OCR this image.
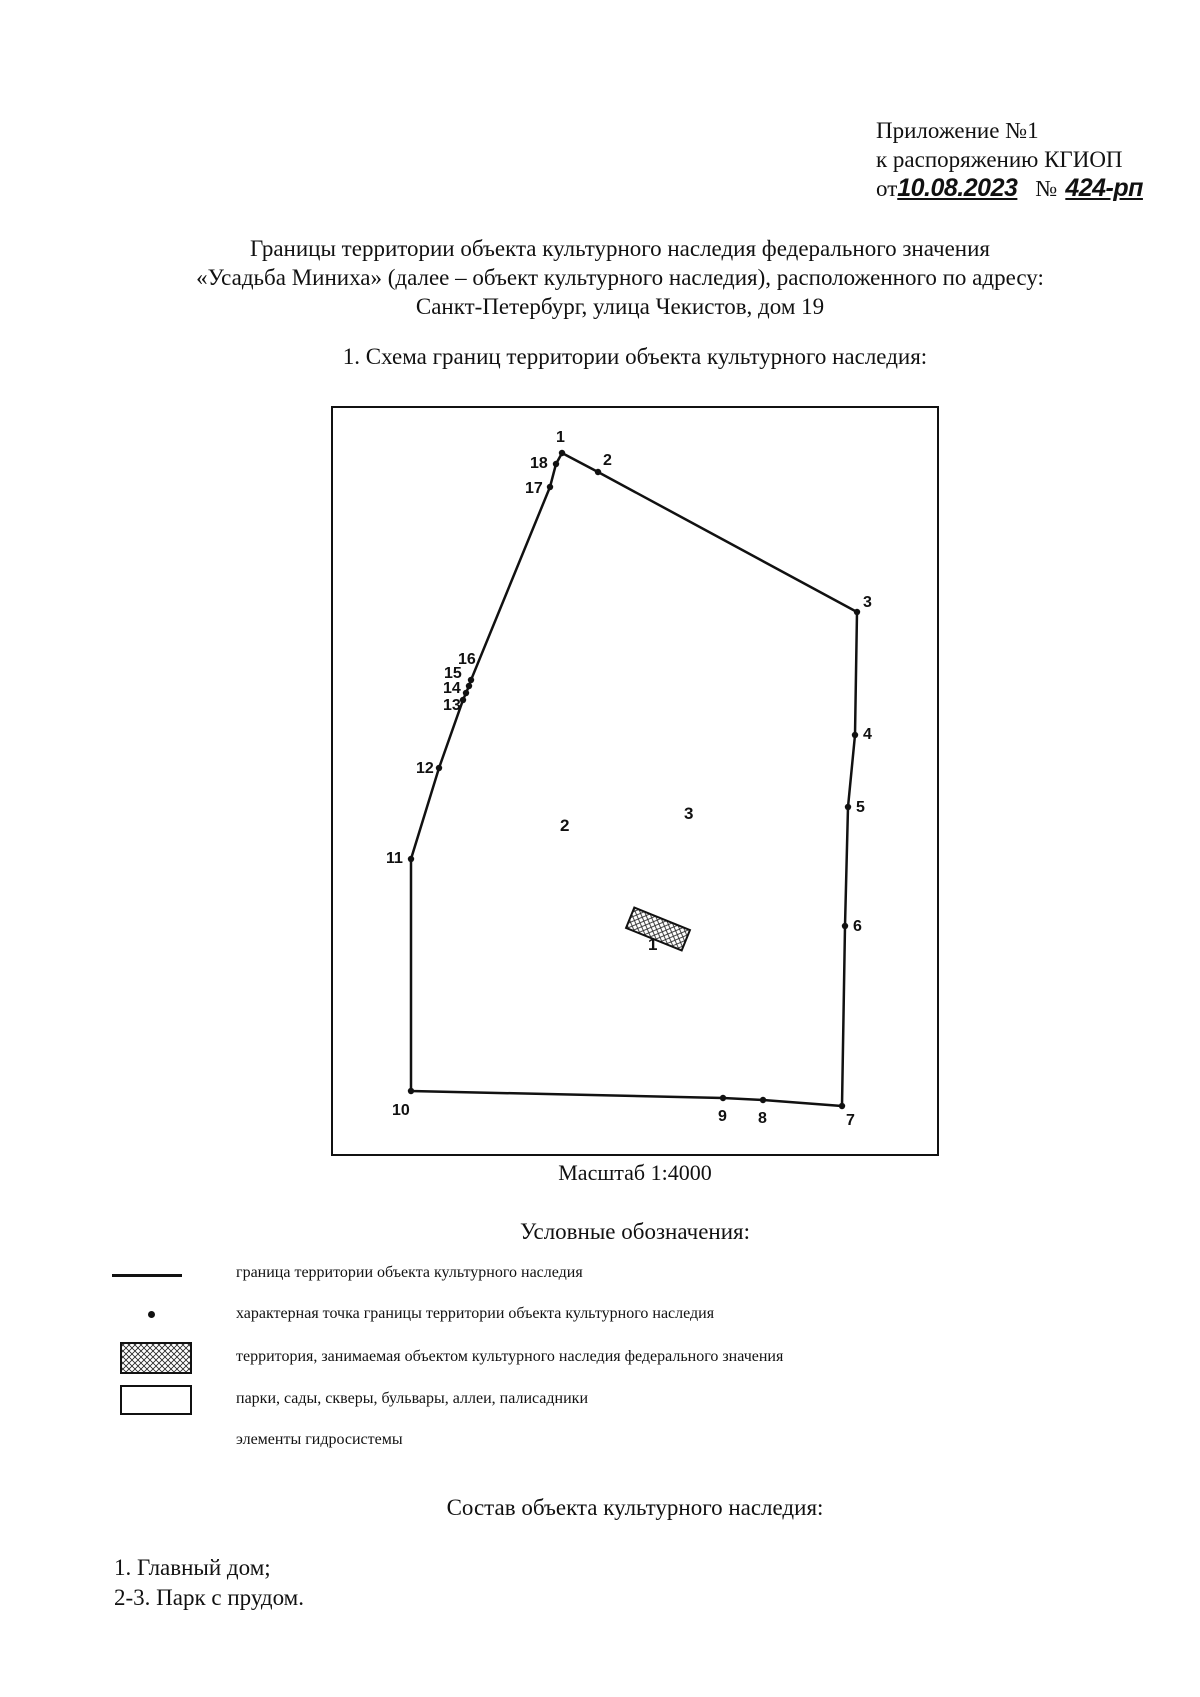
Приложение №1
к распоряжению КГИОП
от10.08.2023 № 424-рп
Границы территории объекта культурного наследия федерального значения
«Усадьба Миниха» (далее – объект культурного наследия), расположенного по адресу:
Санкт-Петербург, улица Чекистов, дом 19
1. Схема границ территории объекта культурного наследия:
1
2
3
4
5
6
7
8
9
10
11
12
13
14
15
16
17
18
1
2
3
Масштаб 1:4000
Условные обозначения:
граница территории объекта культурного наследия
характерная точка границы территории объекта культурного наследия
территория, занимаемая объектом культурного наследия федерального значения
парки, сады, скверы, бульвары, аллеи, палисадники
элементы гидросистемы
Состав объекта культурного наследия:
1. Главный дом;
2-3. Парк с прудом.
